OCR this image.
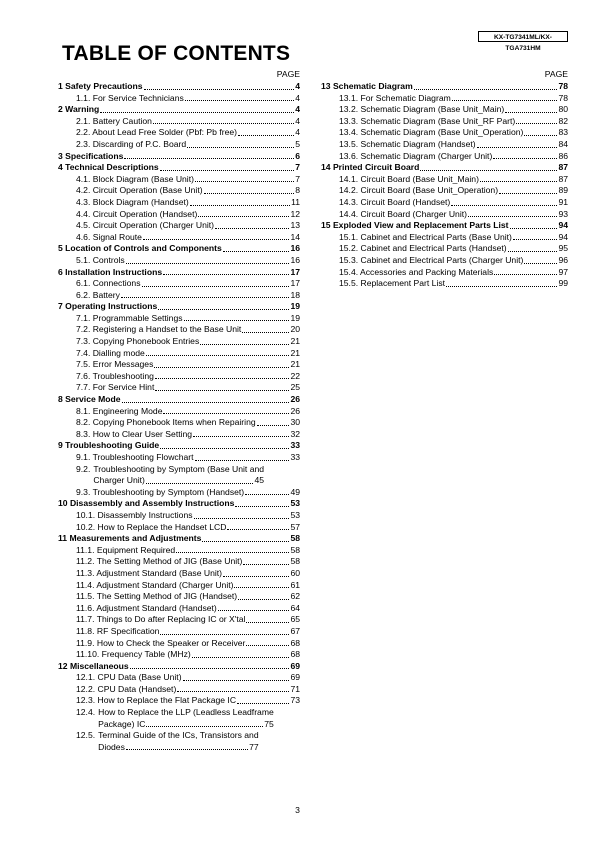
KX-TG7341ML/KX-TGA731HM
TABLE OF CONTENTS
PAGE
1 Safety Precautions	4
1.1. For Service Technicians	4
2 Warning	4
2.1. Battery Caution	4
2.2. About Lead Free Solder (Pbf: Pb free)	4
2.3. Discarding of P.C. Board	5
3 Specifications	6
4 Technical Descriptions	7
4.1. Block Diagram (Base Unit)	7
4.2. Circuit Operation (Base Unit)	8
4.3. Block Diagram (Handset)	11
4.4. Circuit Operation (Handset)	12
4.5. Circuit Operation (Charger Unit)	13
4.6. Signal Route	14
5 Location of Controls and Components	16
5.1. Controls	16
6 Installation Instructions	17
6.1. Connections	17
6.2. Battery	18
7 Operating Instructions	19
7.1. Programmable Settings	19
7.2. Registering a Handset to the Base Unit	20
7.3. Copying Phonebook Entries	21
7.4. Dialling mode	21
7.5. Error Messages	21
7.6. Troubleshooting	22
7.7. For Service Hint	25
8 Service Mode	26
8.1. Engineering Mode	26
8.2. Copying Phonebook Items when Repairing	30
8.3. How to Clear User Setting	32
9 Troubleshooting Guide	33
9.1. Troubleshooting Flowchart	33
9.2. Troubleshooting by Symptom (Base Unit and
Charger Unit)	45
9.3. Troubleshooting by Symptom (Handset)	49
10 Disassembly and Assembly Instructions	53
10.1. Disassembly Instructions	53
10.2. How to Replace the Handset LCD	57
11 Measurements and Adjustments	58
11.1. Equipment Required	58
11.2. The Setting Method of JIG (Base Unit)	58
11.3. Adjustment Standard (Base Unit)	60
11.4. Adjustment Standard (Charger Unit)	61
11.5. The Setting Method of JIG (Handset)	62
11.6. Adjustment Standard (Handset)	64
11.7. Things to Do after Replacing IC or X'tal	65
11.8. RF Specification	67
11.9. How to Check the Speaker or Receiver	68
11.10. Frequency Table (MHz)	68
12 Miscellaneous	69
12.1. CPU Data (Base Unit)	69
12.2. CPU Data (Handset)	71
12.3. How to Replace the Flat Package IC	73
12.4. How to Replace the LLP (Leadless Leadframe
Package) IC	75
12.5. Terminal Guide of the ICs, Transistors and
Diodes	77
PAGE
13 Schematic Diagram	78
13.1. For Schematic Diagram	78
13.2. Schematic Diagram (Base Unit_Main)	80
13.3. Schematic Diagram (Base Unit_RF Part)	82
13.4. Schematic Diagram (Base Unit_Operation)	83
13.5. Schematic Diagram (Handset)	84
13.6. Schematic Diagram (Charger Unit)	86
14 Printed Circuit Board	87
14.1. Circuit Board (Base Unit_Main)	87
14.2. Circuit Board (Base Unit_Operation)	89
14.3. Circuit Board (Handset)	91
14.4. Circuit Board (Charger Unit)	93
15 Exploded View and Replacement Parts List	94
15.1. Cabinet and Electrical Parts (Base Unit)	94
15.2. Cabinet and Electrical Parts (Handset)	95
15.3. Cabinet and Electrical Parts (Charger Unit)	96
15.4. Accessories and Packing Materials	97
15.5. Replacement Part List	99
3
